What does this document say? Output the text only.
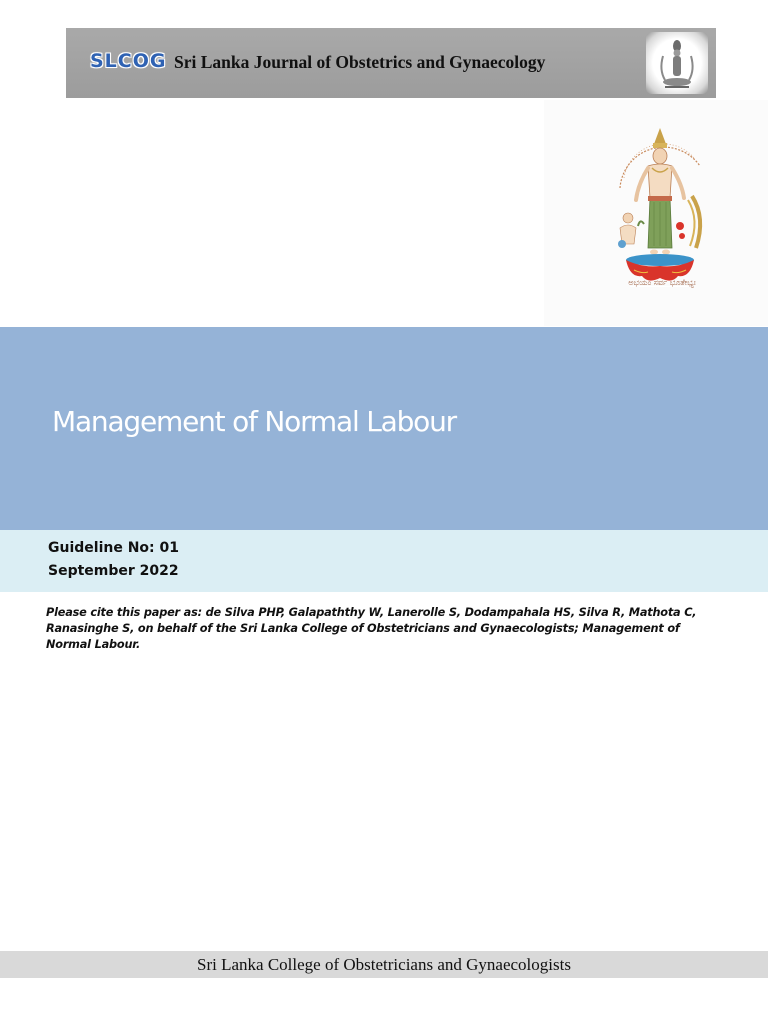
SLCOG Sri Lanka Journal of Obstetrics and Gynaecology
ಅಭಯಂ ಸರ್ವ ಭೂತೇಭ್ಯಃ
Management of Normal Labour
Guideline No: 01
September 2022

Please cite this paper as: de Silva PHP, Galapaththy W, Lanerolle S, Dodampahala HS, Silva R, Mathota C, Ranasinghe S, on behalf of the Sri Lanka College of Obstetricians and Gynaecologists; Management of Normal Labour.

Sri Lanka College of Obstetricians and Gynaecologists
